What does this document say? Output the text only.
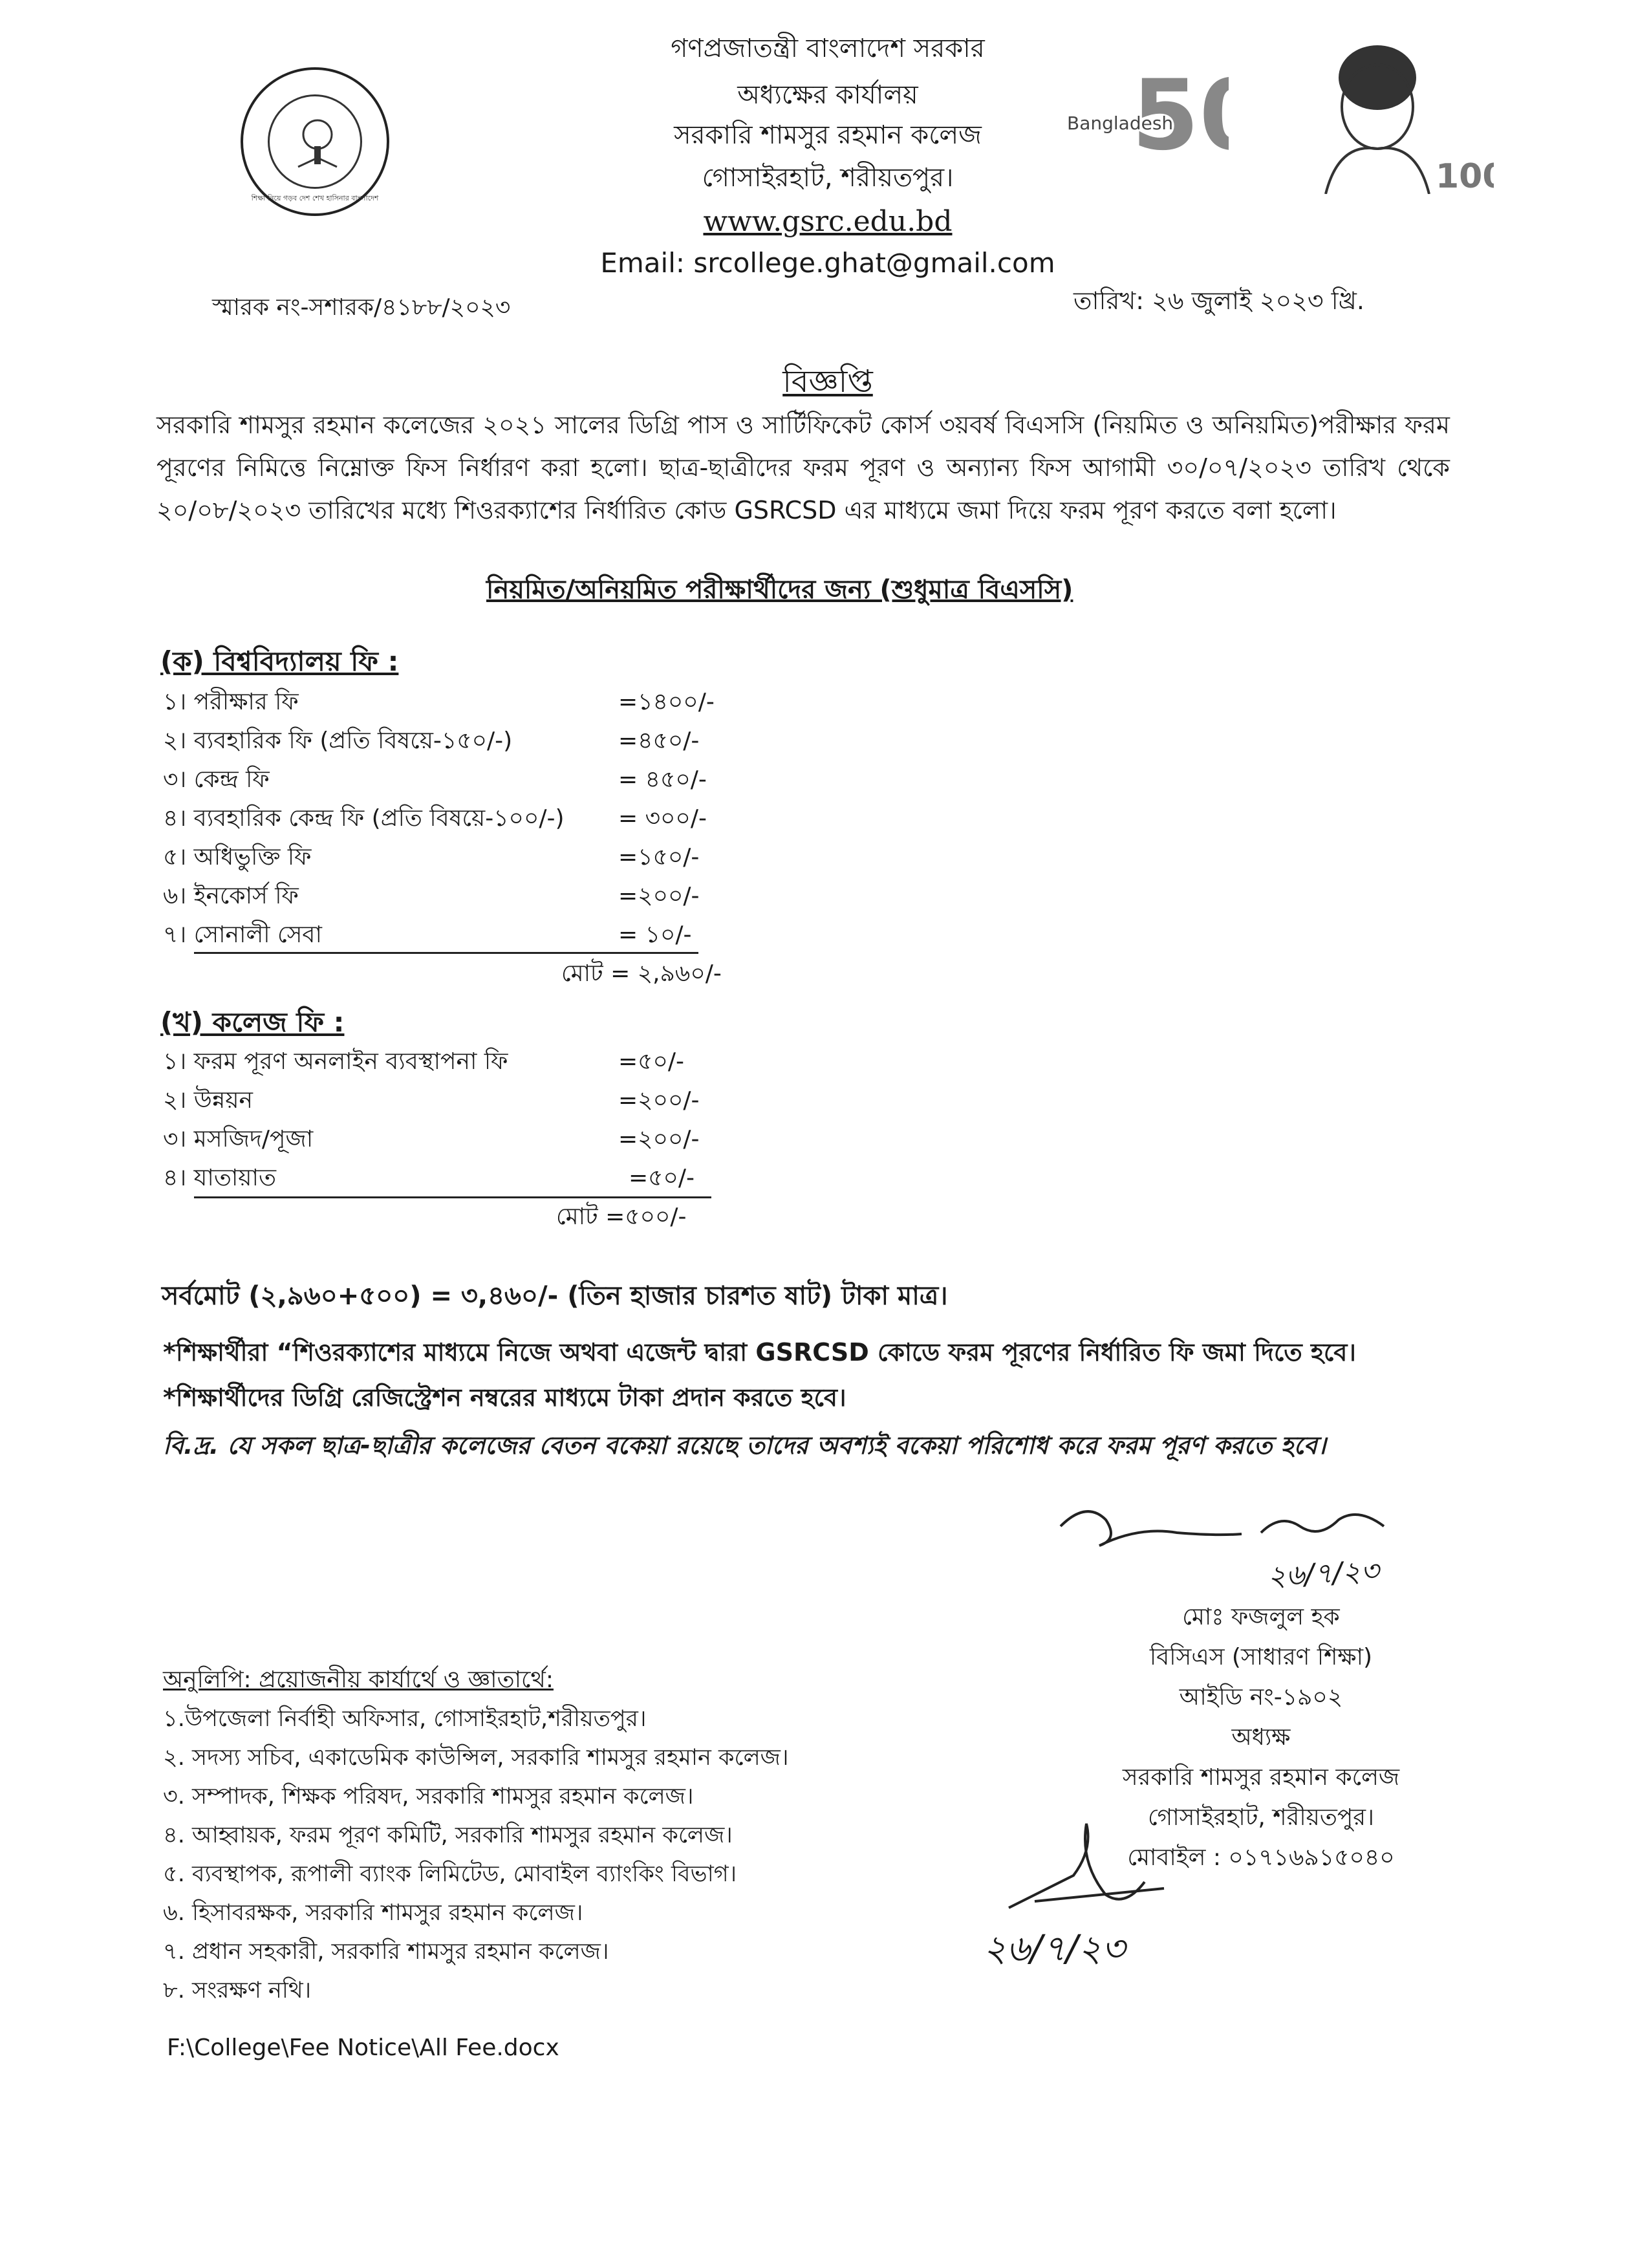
শিক্ষা নিয়ে গড়ব দেশ শেখ হাসিনার বাংলাদেশ
গণপ্রজাতন্ত্রী বাংলাদেশ সরকার
অধ্যক্ষের কার্যালয়
সরকারি শামসুর রহমান কলেজ
গোসাইরহাট, শরীয়তপুর।
www.gsrc.edu.bd
Email: srcollege.ghat@gmail.com
5
Bangladesh
10
স্মারক নং-সশারক/৪১৮৮/২০২৩	তারিখ: ২৬ জুলাই ২০২৩ খ্রি.
বিজ্ঞপ্তি
সরকারি শামসুর রহমান কলেজের ২০২১ সালের ডিগ্রি পাস ও সার্টিফিকেট কোর্স ৩য়বর্ষ বিএসসি (নিয়মিত ও অনিয়মিত)পরীক্ষার ফরম পূরণের নিমিত্তে নিম্নোক্ত ফিস নির্ধারণ করা হলো। ছাত্র-ছাত্রীদের ফরম পূরণ ও অন্যান্য ফিস আগামী ৩০/০৭/২০২৩ তারিখ থেকে ২০/০৮/২০২৩ তারিখের মধ্যে শিওরক্যাশের নির্ধারিত কোড GSRCSD এর মাধ্যমে জমা দিয়ে ফরম পূরণ করতে বলা হলো।
নিয়মিত/অনিয়মিত পরীক্ষার্থীদের জন্য (শুধুমাত্র বিএসসি)
(ক) বিশ্ববিদ্যালয় ফি :
১। পরীক্ষার ফি	=১৪০০/-
২। ব্যবহারিক ফি (প্রতি বিষয়ে-১৫০/-)	=৪৫০/-
৩। কেন্দ্র ফি	= ৪৫০/-
৪। ব্যবহারিক কেন্দ্র ফি (প্রতি বিষয়ে-১০০/-) = ৩০০/-
৫। অধিভুক্তি ফি	=১৫০/-
৬। ইনকোর্স ফি	=২০০/-
৭। সোনালী সেবা	= ১০/-
মোট = ২,৯৬০/-
(খ) কলেজ ফি :
১। ফরম পূরণ অনলাইন ব্যবস্থাপনা ফি	=৫০/-
২। উন্নয়ন	=২০০/-
৩। মসজিদ/পূজা	=২০০/-
৪। যাতায়াত	=৫০/-
মোট =৫০০/-
সর্বমোট (২,৯৬০+৫০০) = ৩,৪৬০/- (তিন হাজার চারশত ষাট) টাকা মাত্র।
*শিক্ষার্থীরা “শিওরক্যাশের মাধ্যমে নিজে অথবা এজেন্ট দ্বারা GSRCSD কোডে ফরম পূরণের নির্ধারিত ফি জমা দিতে হবে।
*শিক্ষার্থীদের ডিগ্রি রেজিস্ট্রেশন নম্বরের মাধ্যমে টাকা প্রদান করতে হবে।
বি.দ্র. যে সকল ছাত্র-ছাত্রীর কলেজের বেতন বকেয়া রয়েছে তাদের অবশ্যই বকেয়া পরিশোধ করে ফরম পূরণ করতে হবে।
২৬/৭/২৩
মোঃ ফজলুল হক
বিসিএস (সাধারণ শিক্ষা)
আইডি নং-১৯০২
অধ্যক্ষ
সরকারি শামসুর রহমান কলেজ
গোসাইরহাট, শরীয়তপুর।
মোবাইল : ০১৭১৬৯১৫০৪০
২৬/৭/২৩
অনুলিপি: প্রয়োজনীয় কার্যার্থে ও জ্ঞাতার্থে:
১.উপজেলা নির্বাহী অফিসার, গোসাইরহাট,শরীয়তপুর।
২. সদস্য সচিব, একাডেমিক কাউন্সিল, সরকারি শামসুর রহমান কলেজ।
৩. সম্পাদক, শিক্ষক পরিষদ, সরকারি শামসুর রহমান কলেজ।
৪. আহ্বায়ক, ফরম পূরণ কমিটি, সরকারি শামসুর রহমান কলেজ।
৫. ব্যবস্থাপক, রূপালী ব্যাংক লিমিটেড, মোবাইল ব্যাংকিং বিভাগ।
৬. হিসাবরক্ষক, সরকারি শামসুর রহমান কলেজ।
৭. প্রধান সহকারী, সরকারি শামসুর রহমান কলেজ।
৮. সংরক্ষণ নথি।
F:\College\Fee Notice\All Fee.docx
